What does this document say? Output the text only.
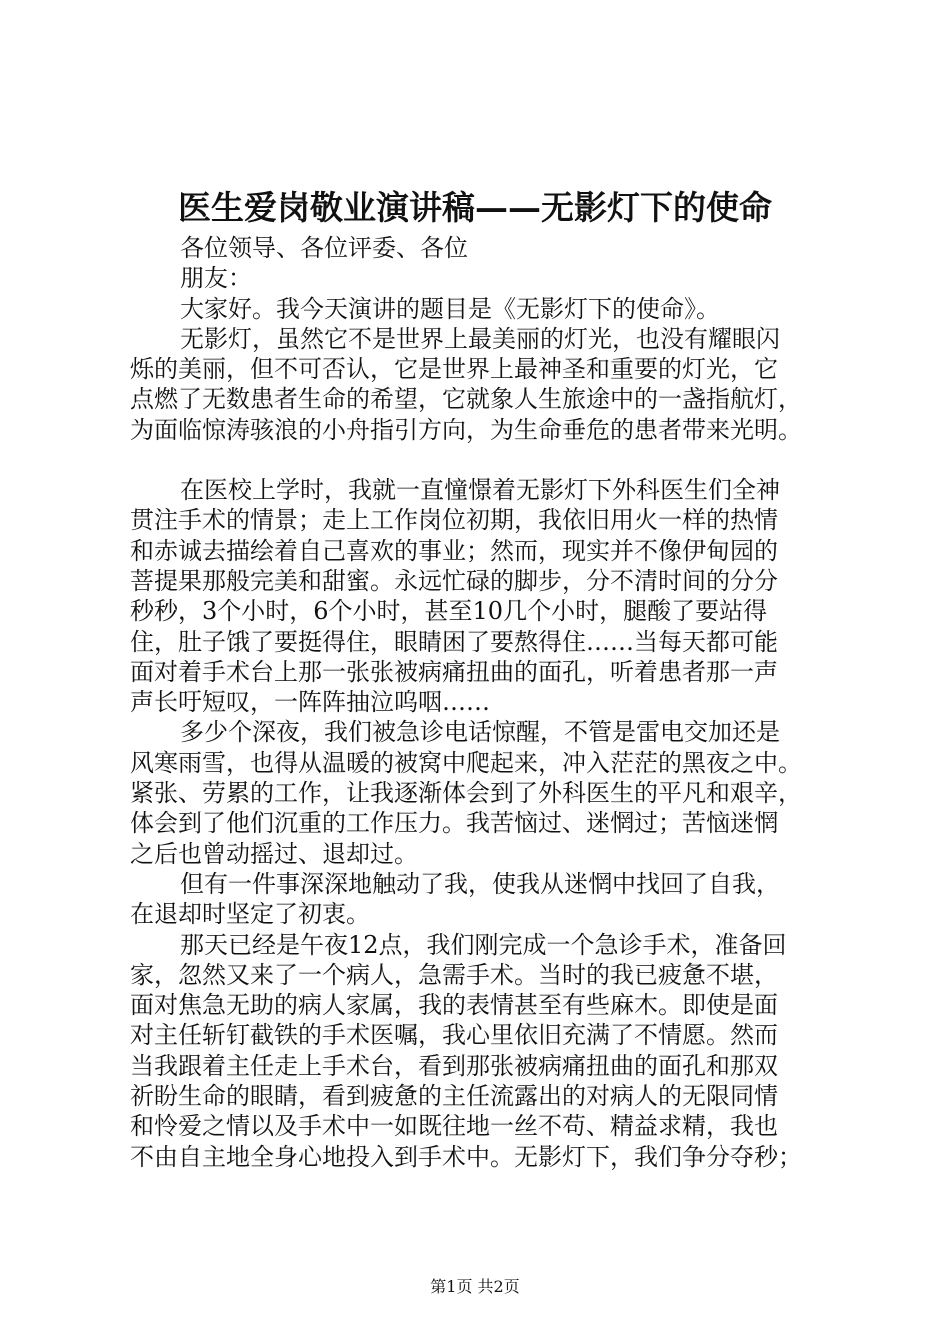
医生爱岗敬业演讲稿——无影灯下的使命
各位领导、各位评委、各位
朋友：
大家好。我今天演讲的题目是《无影灯下的使命》。
无影灯，虽然它不是世界上最美丽的灯光，也没有耀眼闪
烁的美丽，但不可否认，它是世界上最神圣和重要的灯光，它
点燃了无数患者生命的希望，它就象人生旅途中的一盏指航灯，
为面临惊涛骇浪的小舟指引方向，为生命垂危的患者带来光明。
在医校上学时，我就一直憧憬着无影灯下外科医生们全神
贯注手术的情景；走上工作岗位初期，我依旧用火一样的热情
和赤诚去描绘着自己喜欢的事业；然而，现实并不像伊甸园的
菩提果那般完美和甜蜜。永远忙碌的脚步，分不清时间的分分
秒秒，3个小时，6个小时，甚至10几个小时，腿酸了要站得
住，肚子饿了要挺得住，眼睛困了要熬得住……当每天都可能
面对着手术台上那一张张被病痛扭曲的面孔，听着患者那一声
声长吁短叹，一阵阵抽泣呜咽……
多少个深夜，我们被急诊电话惊醒，不管是雷电交加还是
风寒雨雪，也得从温暖的被窝中爬起来，冲入茫茫的黑夜之中。
紧张、劳累的工作，让我逐渐体会到了外科医生的平凡和艰辛，
体会到了他们沉重的工作压力。我苦恼过、迷惘过；苦恼迷惘
之后也曾动摇过、退却过。
但有一件事深深地触动了我，使我从迷惘中找回了自我，
在退却时坚定了初衷。
那天已经是午夜12点，我们刚完成一个急诊手术，准备回
家，忽然又来了一个病人，急需手术。当时的我已疲惫不堪，
面对焦急无助的病人家属，我的表情甚至有些麻木。即使是面
对主任斩钉截铁的手术医嘱，我心里依旧充满了不情愿。然而
当我跟着主任走上手术台，看到那张被病痛扭曲的面孔和那双
祈盼生命的眼睛，看到疲惫的主任流露出的对病人的无限同情
和怜爱之情以及手术中一如既往地一丝不苟、精益求精，我也
不由自主地全身心地投入到手术中。无影灯下，我们争分夺秒；
第1页 共2页
